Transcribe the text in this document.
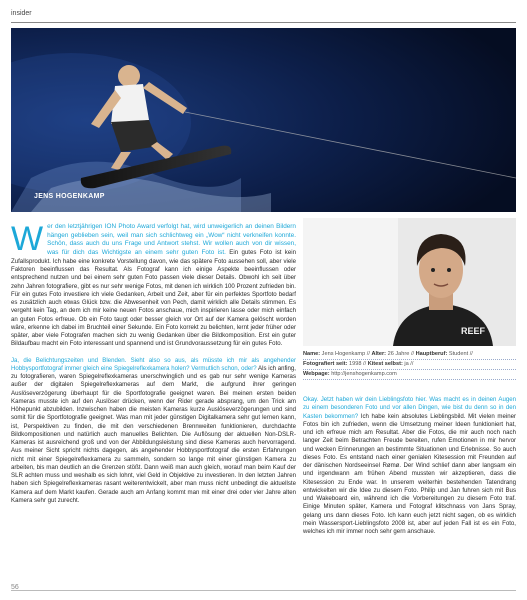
insider
JENS HOGENKAMP

Wer den letztjährigen ION Photo Award verfolgt hat, wird unweigerlich an deinen Bildern hängen geblieben sein, weil man sich schlichtweg ein „Wow“ nicht verkneifen konnte. Schön, dass auch du uns Frage und Antwort stehst. Wir wollen auch von dir wissen, was für dich das Wichtigste an einem sehr guten Foto ist. Ein gutes Foto ist kein Zufallsprodukt. Ich habe eine konkrete Vorstellung davon, wie das spätere Foto aussehen soll, aber viele Faktoren beeinflussen das Resultat. Als Fotograf kann ich einige Aspekte beeinflussen oder entsprechend nutzen und bei einem sehr guten Foto passen viele dieser Details. Obwohl ich seit über zehn Jahren fotografiere, gibt es nur sehr wenige Fotos, mit denen ich wirklich 100 Prozent zufrieden bin. Für ein gutes Foto investiere ich viele Gedanken, Arbeit und Zeit, aber für ein perfektes Sportfoto bedarf es zusätzlich auch etwas Glück bzw. die Abwesenheit von Pech, damit wirklich alle Details stimmen. Es vergeht kein Tag, an dem ich mir keine neuen Fotos anschaue, mich inspirieren lasse oder mich einfach an guten Fotos erfreue. Ob ein Foto taugt oder besser gleich vor Ort auf der Kamera gelöscht worden wäre, erkenne ich dabei im Bruchteil einer Sekunde. Ein Foto korrekt zu belichten, lernt jeder früher oder später, aber viele Fotografen machen sich zu wenig Gedanken über die Bildkomposition. Erst ein guter Bildaufbau macht ein Foto interessant und spannend und ist Grundvoraussetzung für ein gutes Foto.

Ja, die Belichtungszeiten und Blenden. Sieht also so aus, als müsste ich mir als angehender Hobbysportfotograf immer gleich eine Spiegelreflexkamera holen? Vermutlich schon, oder? Als ich anfing, zu fotografieren, waren Spiegelreflexkameras unerschwinglich und es gab nur sehr wenige Kameras außer der digitalen Spiegelreflexkameras auf dem Markt, die aufgrund ihrer geringen Auslöseverzögerung überhaupt für die Sportfotografie geeignet waren. Bei meinen ersten beiden Kameras musste ich auf den Auslöser drücken, wenn der Rider gerade absprang, um den Trick am Höhepunkt abzubilden. Inzwischen haben die meisten Kameras kurze Auslöseverzögerungen und sind somit für die Sportfotografie geeignet. Was man mit jeder günstigen Digitalkamera sehr gut lernen kann, ist, Perspektiven zu finden, die mit den verschiedenen Brennweiten funktionieren, durchdachte Bildkompositionen und natürlich auch manuelles Belichten. Die Auflösung der aktuellen Non-DSLR-Kameras ist ausreichend groß und von der Abbildungsleistung sind diese Kameras auch hervorragend. Aus meiner Sicht spricht nichts dagegen, als angehender Hobbysportfotograf die ersten Erfahrungen nicht mit einer Spiegelreflexkamera zu sammeln, sondern so lange mit einer günstigen Kamera zu arbeiten, bis man deutlich an die Grenzen stößt. Dann weiß man auch gleich, worauf man beim Kauf der SLR achten muss und weshalb es sich lohnt, viel Geld in Objektive zu investieren. In den letzten Jahren haben sich Spiegelreflexkameras rasant weiterentwickelt, aber man muss nicht unbedingt die aktuellste Kamera auf dem Markt kaufen. Gerade auch am Anfang kommt man mit einer drei oder vier Jahre alten Kamera sehr gut zurecht.

REEF
Name: Jens Hogenkamp // Alter: 26 Jahre // Hauptberuf: Student //
Fotografiert seit: 1998 // Kitest selbst: ja //
Webpage: http://jenshogenkamp.com

Okay. Jetzt haben wir dein Lieblingsfoto hier. Was macht es in deinen Augen zu einem besonderen Foto und vor allen Dingen, wie bist du denn so in den Kasten bekommen? Ich habe kein absolutes Lieblingsbild. Mit vielen meiner Fotos bin ich zufrieden, wenn die Umsetzung meiner Ideen funktioniert hat, und ich erfreue mich am Resultat. Aber die Fotos, die mir auch noch nach langer Zeit beim Betrachten Freude bereiten, rufen Emotionen in mir hervor und wecken Erinnerungen an bestimmte Situationen und Erlebnisse. So auch dieses Foto. Es entstand nach einer genialen Kitesession mit Freunden auf der dänischen Nordseeinsel Rømø. Der Wind schlief dann aber langsam ein und irgendwann am frühen Abend mussten wir akzeptieren, dass die Kitesession zu Ende war. In unserem weiterhin bestehenden Tatendrang entwickelten wir die Idee zu diesem Foto. Philip und Jan fuhren sich mit Bus und Wakeboard ein, während ich die Vorbereitungen zu diesem Foto traf. Einige Minuten später, Kamera und Fotograf klitschnass von Jans Spray, gelang uns dann dieses Foto. Ich kann euch jetzt nicht sagen, ob es wirklich mein Wassersport-Lieblingsfoto 2008 ist, aber auf jeden Fall ist es ein Foto, welches ich mir immer noch sehr gern anschaue.

56
